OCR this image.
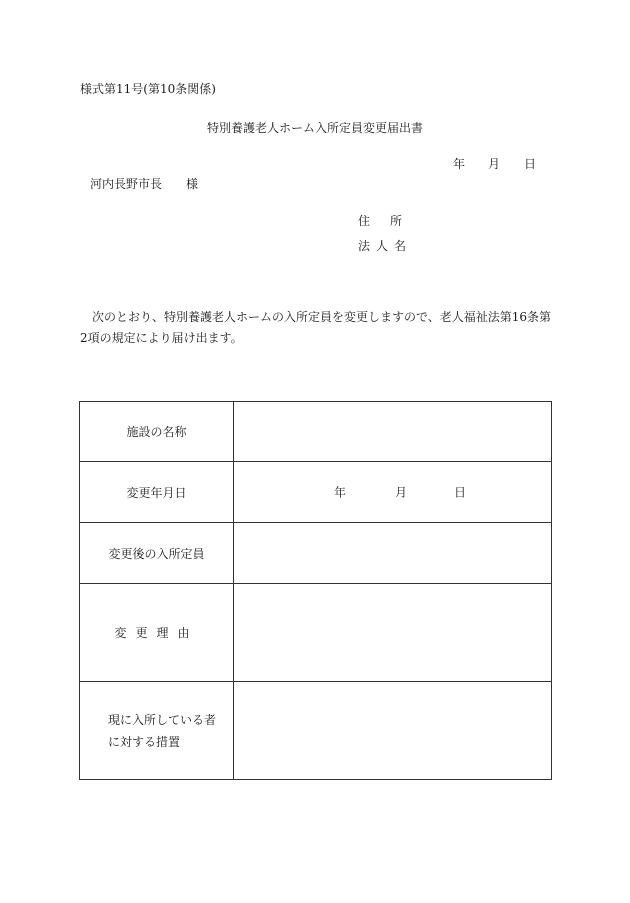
様式第11号(第10条関係)
特別養護老人ホーム入所定員変更届出書
年 月 日
河内長野市長 様
住 所
法人名
次のとおり、特別養護老人ホームの入所定員を変更しますので、老人福祉法第16条第2項の規定により届け出ます。
施設の名称	
変更年月日	年 月 日

変更後の入所定員	
変更理由	

現に入所している者
に対する措置	
